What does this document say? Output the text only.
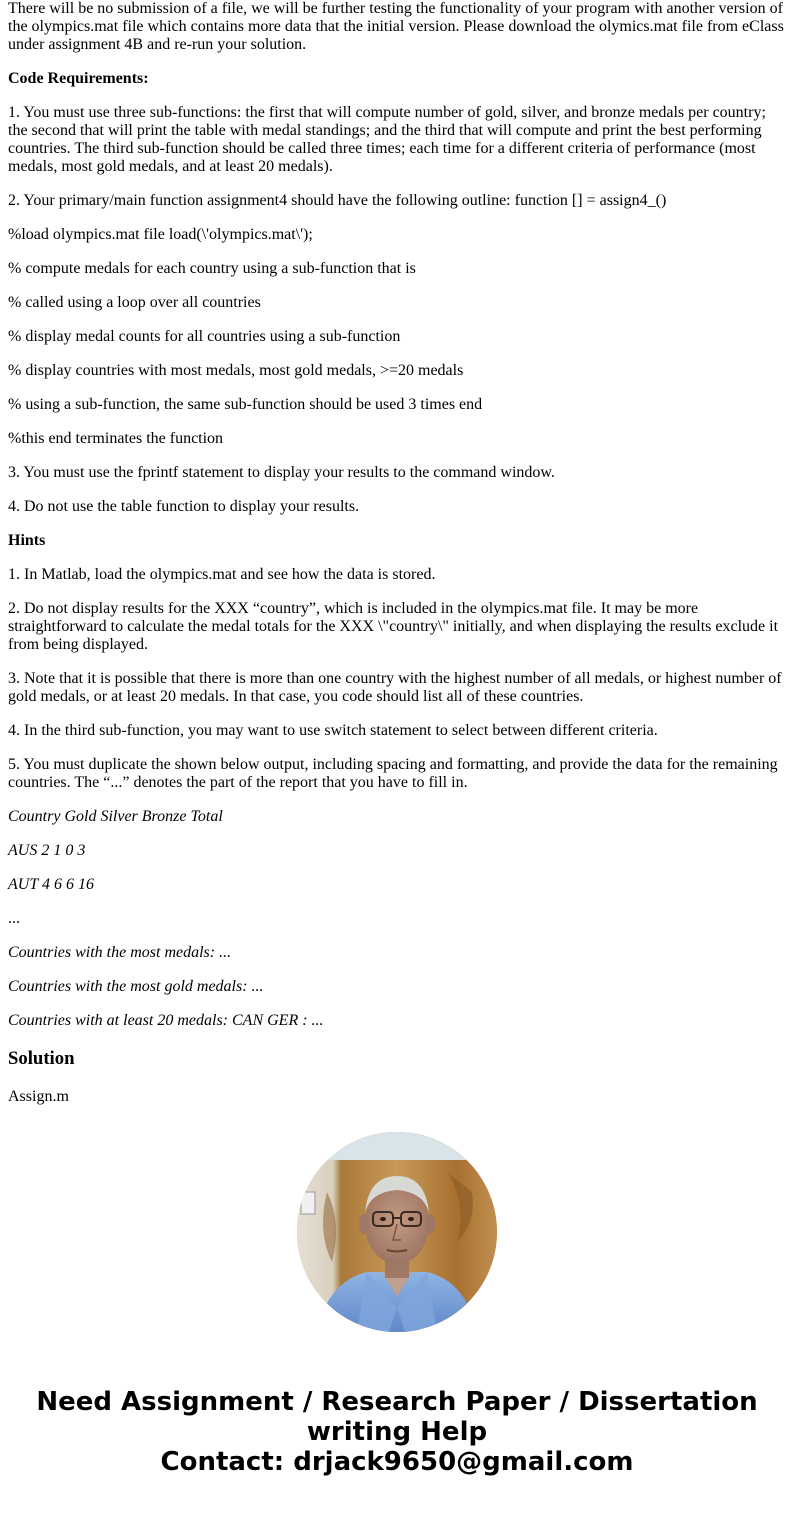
There will be no submission of a file, we will be further testing the functionality of your program with another version of the olympics.mat file which contains more data that the initial version. Please download the olymics.mat file from eClass under assignment 4B and re-run your solution.

Code Requirements:

1. You must use three sub-functions: the first that will compute number of gold, silver, and bronze medals per country; the second that will print the table with medal standings; and the third that will compute and print the best performing countries. The third sub-function should be called three times; each time for a different criteria of performance (most medals, most gold medals, and at least 20 medals).

2. Your primary/main function assignment4 should have the following outline: function [] = assign4_()

%load olympics.mat file load(\'olympics.mat\');

% compute medals for each country using a sub-function that is

% called using a loop over all countries

% display medal counts for all countries using a sub-function

% display countries with most medals, most gold medals, >=20 medals

% using a sub-function, the same sub-function should be used 3 times end

%this end terminates the function

3. You must use the fprintf statement to display your results to the command window.

4. Do not use the table function to display your results.

Hints

1. In Matlab, load the olympics.mat and see how the data is stored.

2. Do not display results for the XXX “country”, which is included in the olympics.mat file. It may be more straightforward to calculate the medal totals for the XXX \"country\" initially, and when displaying the results exclude it from being displayed.

3. Note that it is possible that there is more than one country with the highest number of all medals, or highest number of gold medals, or at least 20 medals. In that case, you code should list all of these countries.

4. In the third sub-function, you may want to use switch statement to select between different criteria.

5. You must duplicate the shown below output, including spacing and formatting, and provide the data for the remaining countries. The “...” denotes the part of the report that you have to fill in.

Country Gold Silver Bronze Total

AUS 2 1 0 3

AUT 4 6 6 16

...

Countries with the most medals: ...

Countries with the most gold medals: ...

Countries with at least 20 medals: CAN GER : ...

Solution

Assign.m

Need Assignment / Research Paper / Dissertation writing Help
Contact: drjack9650@gmail.com
